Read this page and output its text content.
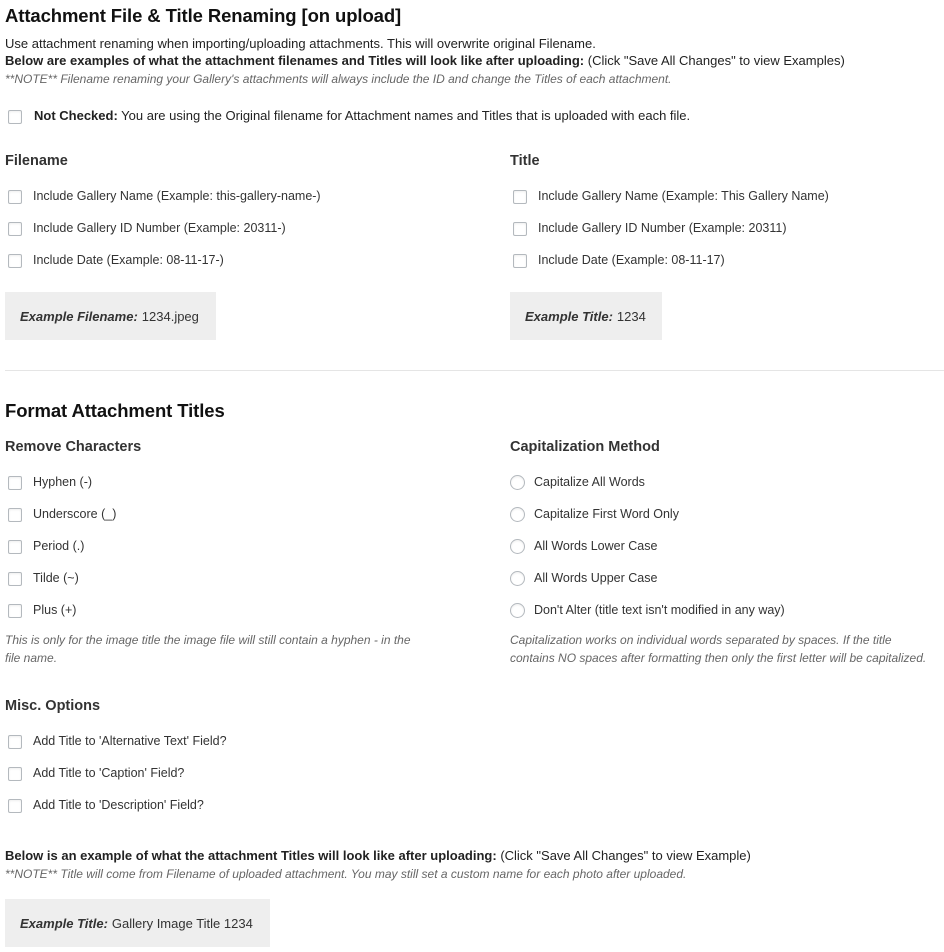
Attachment File & Title Renaming [on upload]
Use attachment renaming when importing/uploading attachments. This will overwrite original Filename.
Below are examples of what the attachment filenames and Titles will look like after uploading: (Click "Save All Changes" to view Examples)
**NOTE** Filename renaming your Gallery's attachments will always include the ID and change the Titles of each attachment.
Not Checked: You are using the Original filename for Attachment names and Titles that is uploaded with each file.
Filename
Include Gallery Name (Example: this-gallery-name-)
Include Gallery ID Number (Example: 20311-)
Include Date (Example: 08-11-17-)
Example Filename: 1234.jpeg
Title
Include Gallery Name (Example: This Gallery Name)
Include Gallery ID Number (Example: 20311)
Include Date (Example: 08-11-17)
Example Title: 1234
Format Attachment Titles
Remove Characters
Hyphen (-)
Underscore (_)
Period (.)
Tilde (~)
Plus (+)
This is only for the image title the image file will still contain a hyphen - in the
file name.
Capitalization Method
Capitalize All Words
Capitalize First Word Only
All Words Lower Case
All Words Upper Case
Don't Alter (title text isn't modified in any way)
Capitalization works on individual words separated by spaces. If the title
contains NO spaces after formatting then only the first letter will be capitalized.
Misc. Options
Add Title to 'Alternative Text' Field?
Add Title to 'Caption' Field?
Add Title to 'Description' Field?
Below is an example of what the attachment Titles will look like after uploading: (Click "Save All Changes" to view Example)
**NOTE** Title will come from Filename of uploaded attachment. You may still set a custom name for each photo after uploaded.
Example Title: Gallery Image Title 1234
